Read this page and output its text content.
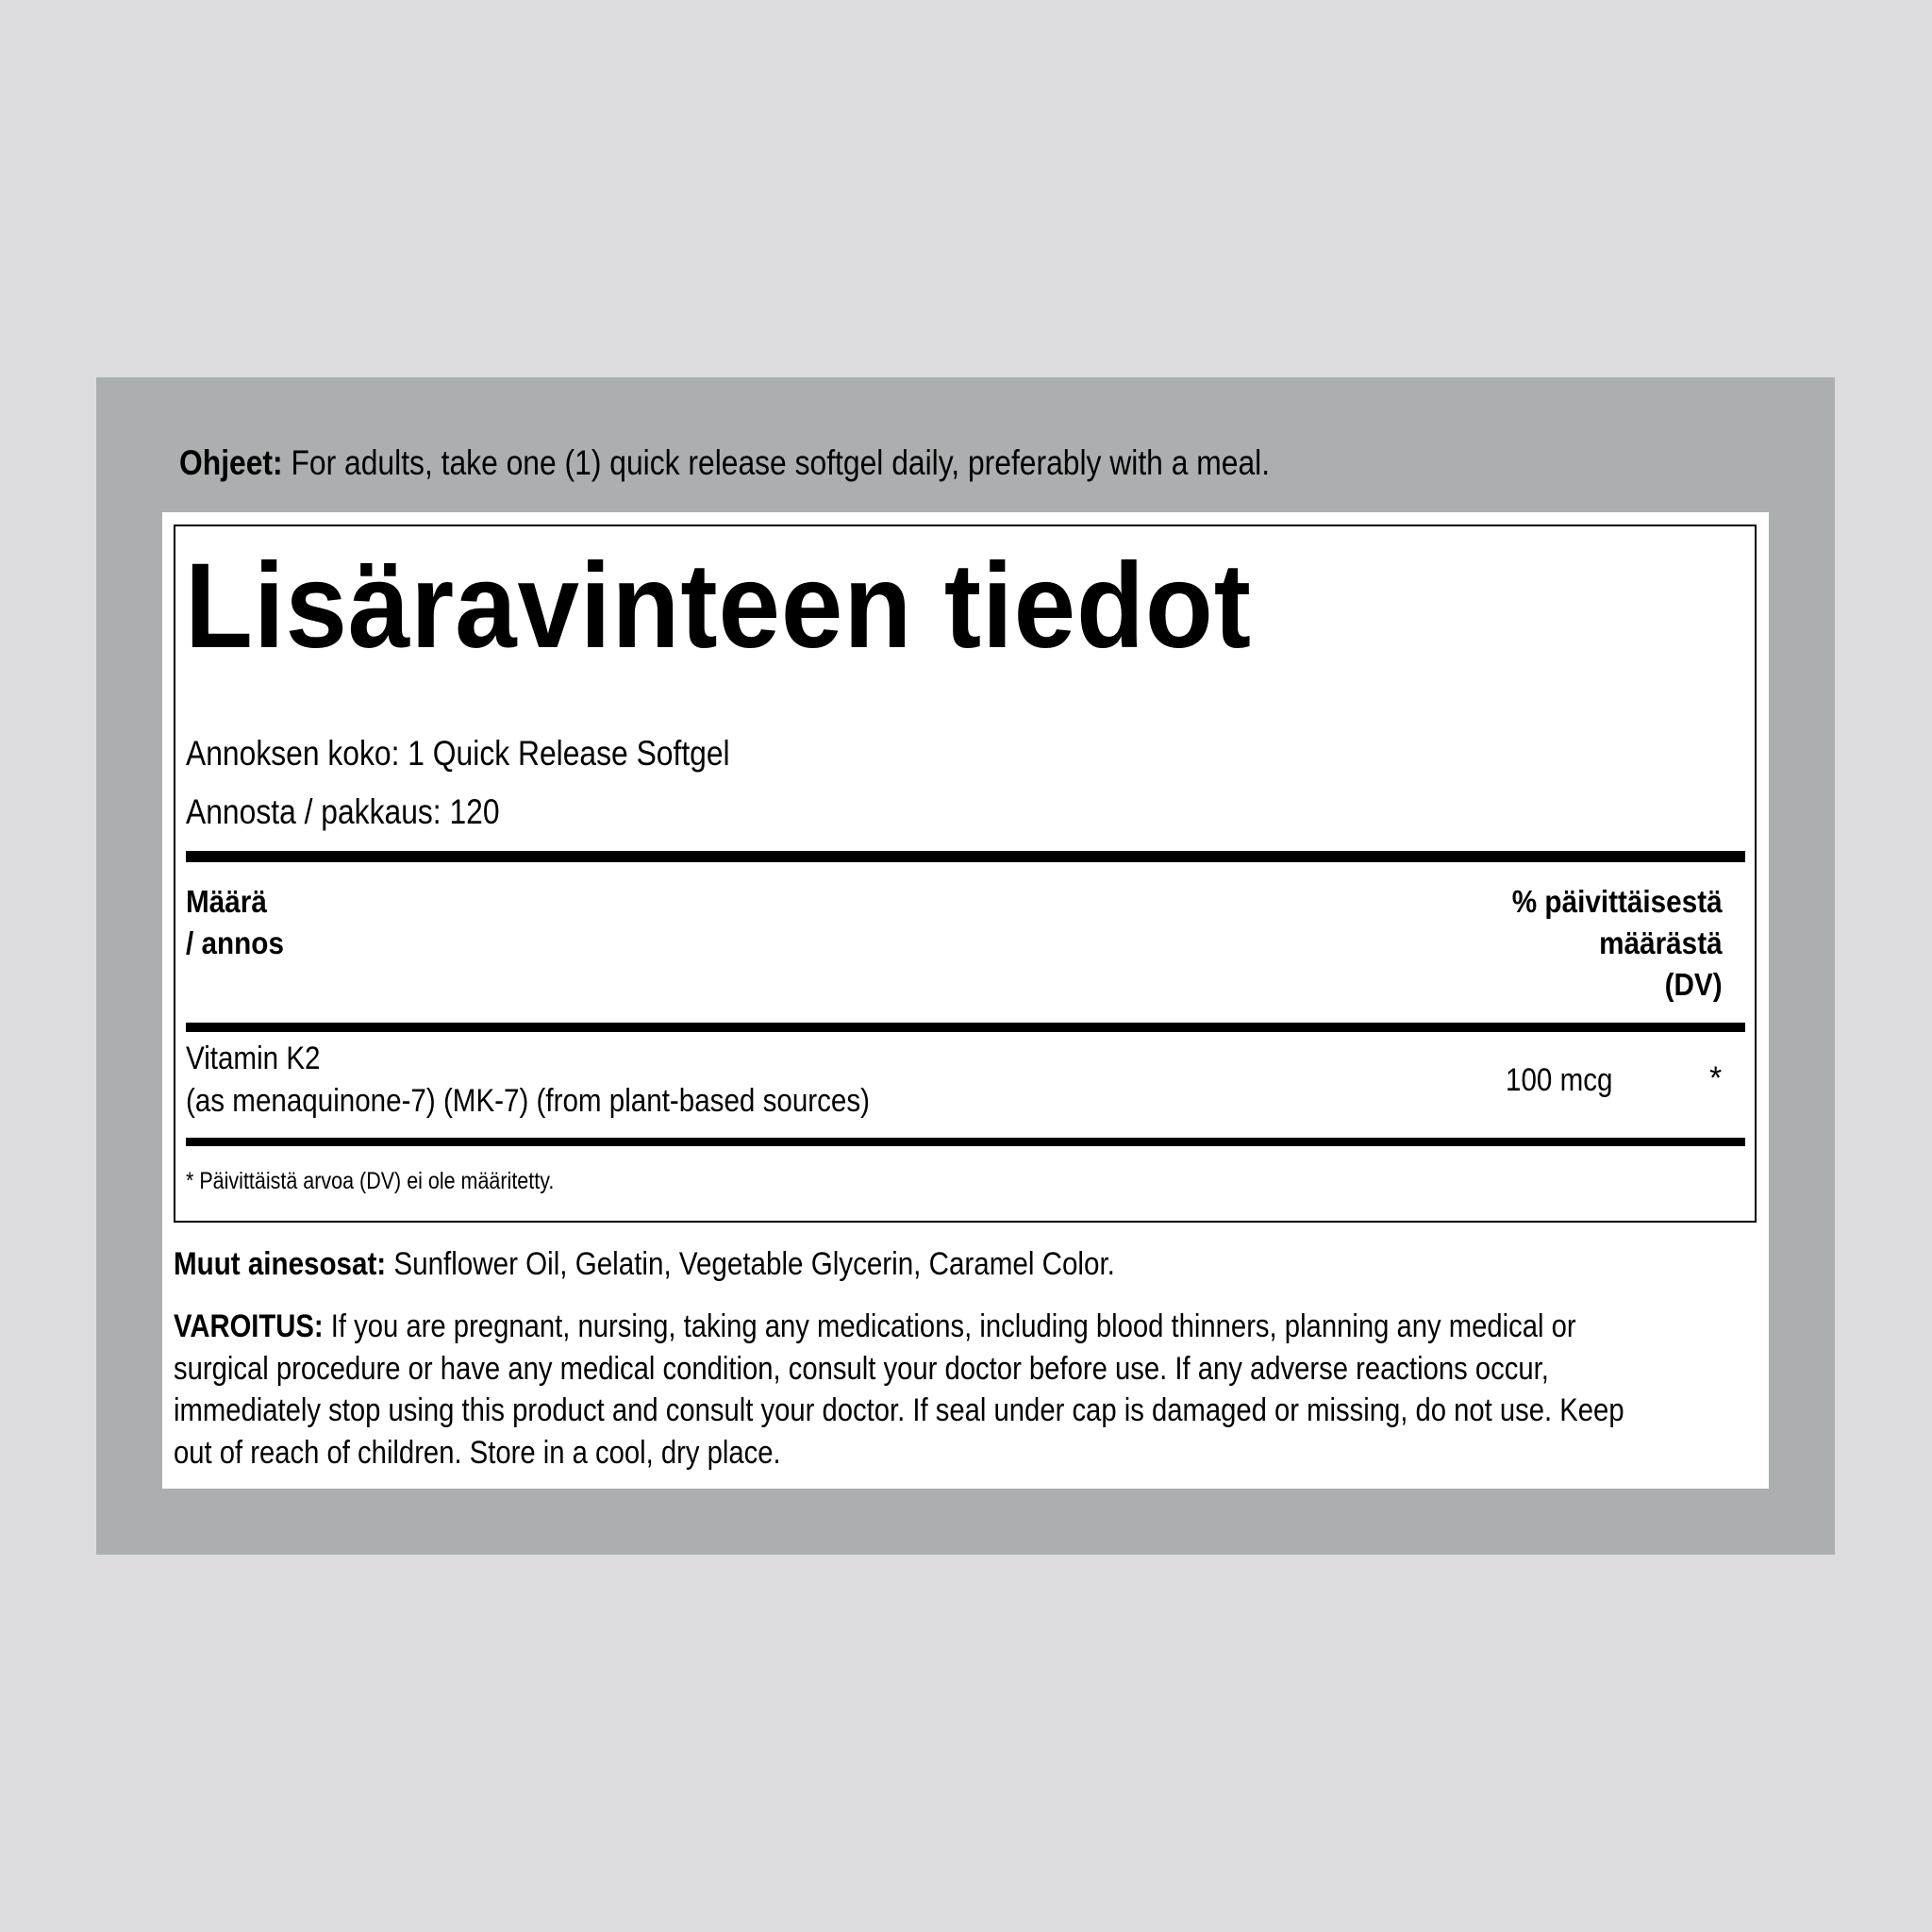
Ohjeet: For adults, take one (1) quick release softgel daily, preferably with a meal.
Lisäravinteen tiedot
Annoksen koko: 1 Quick Release Softgel
Annosta / pakkaus: 120
Määrä
/ annos
% päivittäisestä
määrästä
(DV)
Vitamin K2
(as menaquinone-7) (MK-7) (from plant-based sources)
100 mcg	*
* Päivittäistä arvoa (DV) ei ole määritetty.
Muut ainesosat: Sunflower Oil, Gelatin, Vegetable Glycerin, Caramel Color.
VAROITUS: If you are pregnant, nursing, taking any medications, including blood thinners, planning any medical or
surgical procedure or have any medical condition, consult your doctor before use. If any adverse reactions occur,
immediately stop using this product and consult your doctor. If seal under cap is damaged or missing, do not use. Keep
out of reach of children. Store in a cool, dry place.
